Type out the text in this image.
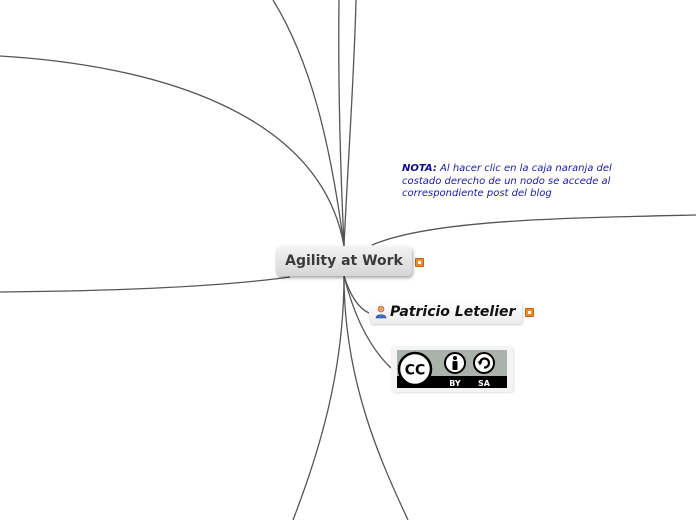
Agility at Work
NOTA: Al hacer clic en la caja naranja del costado derecho de un nodo se accede al correspondiente post del blog
Patricio Letelier
CC
BY SA
